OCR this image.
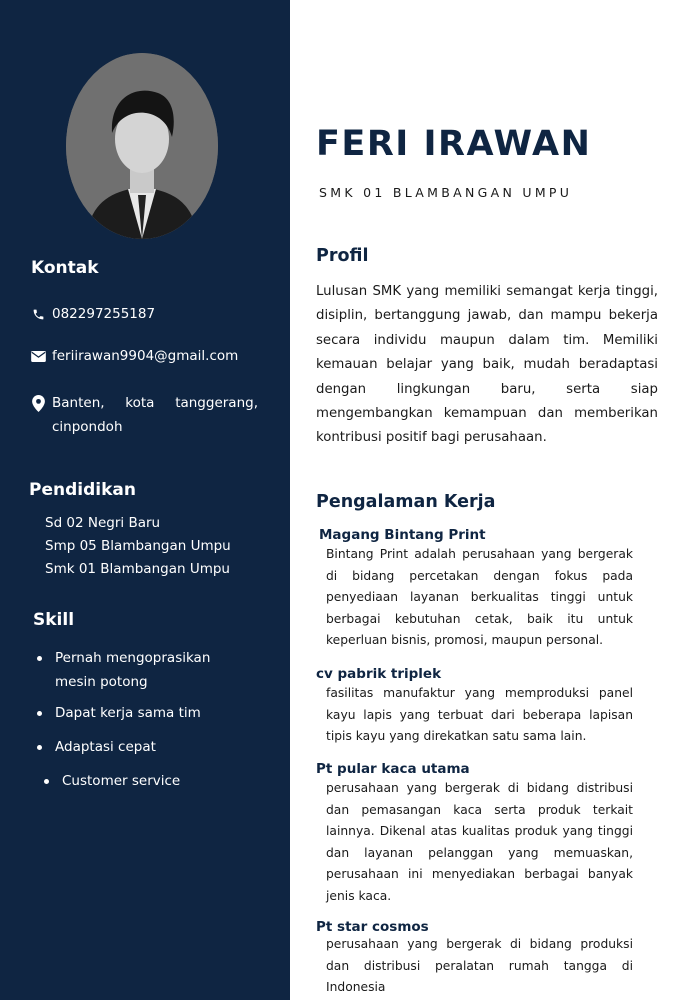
Kontak
082297255187
feriirawan9904@gmail.com
Banten, kota tanggerang, cinpondoh
Pendidikan
Sd 02 Negri Baru
Smp 05 Blambangan Umpu
Smk 01 Blambangan Umpu
Skill
Pernah mengoprasikan mesin potong
Dapat kerja sama tim
Adaptasi cepat
Customer service
FERI IRAWAN
SMK 01 BLAMBANGAN UMPU
Profil
Lulusan SMK yang memiliki semangat kerja tinggi, disiplin, bertanggung jawab, dan mampu bekerja secara individu maupun dalam tim. Memiliki kemauan belajar yang baik, mudah beradaptasi dengan lingkungan baru, serta siap mengembangkan kemampuan dan memberikan kontribusi positif bagi perusahaan.
Pengalaman Kerja
Magang Bintang Print
Bintang Print adalah perusahaan yang bergerak di bidang percetakan dengan fokus pada penyediaan layanan berkualitas tinggi untuk berbagai kebutuhan cetak, baik itu untuk keperluan bisnis, promosi, maupun personal.
cv pabrik triplek
fasilitas manufaktur yang memproduksi panel kayu lapis yang terbuat dari beberapa lapisan tipis kayu yang direkatkan satu sama lain.
Pt pular kaca utama
perusahaan yang bergerak di bidang distribusi dan pemasangan kaca serta produk terkait lainnya. Dikenal atas kualitas produk yang tinggi dan layanan pelanggan yang memuaskan, perusahaan ini menyediakan berbagai banyak jenis kaca.
Pt star cosmos
perusahaan yang bergerak di bidang produksi dan distribusi peralatan rumah tangga di Indonesia
